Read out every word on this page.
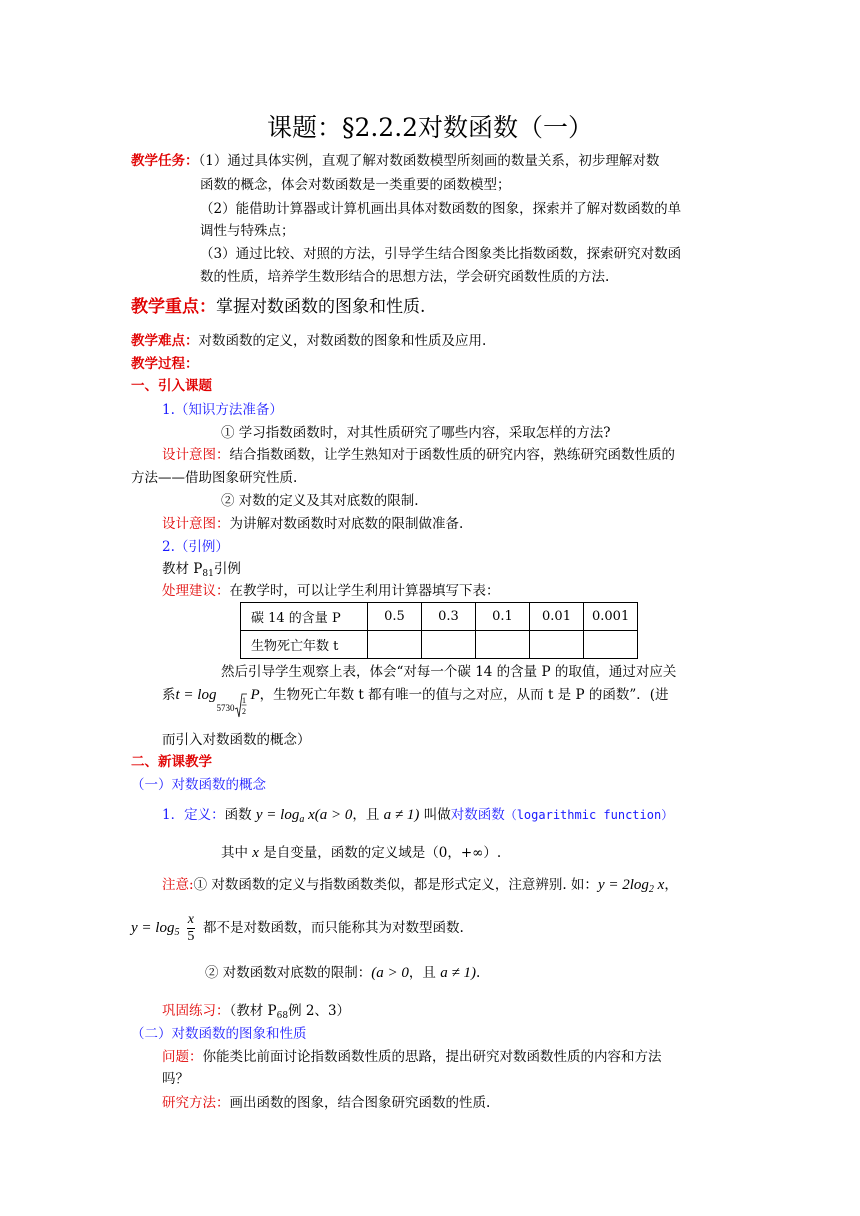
课题：§2.2.2对数函数（一）
教学任务：（1）通过具体实例，直观了解对数函数模型所刻画的数量关系，初步理解对数
函数的概念，体会对数函数是一类重要的函数模型；
（2）能借助计算器或计算机画出具体对数函数的图象，探索并了解对数函数的单
调性与特殊点；
（3）通过比较、对照的方法，引导学生结合图象类比指数函数，探索研究对数函
数的性质，培养学生数形结合的思想方法，学会研究函数性质的方法.
教学重点：掌握对数函数的图象和性质.
教学难点：对数函数的定义，对数函数的图象和性质及应用.
教学过程：
一、引入课题
1.（知识方法准备）
① 学习指数函数时，对其性质研究了哪些内容，采取怎样的方法?
设计意图：结合指数函数，让学生熟知对于函数性质的研究内容，熟练研究函数性质的
方法——借助图象研究性质.
② 对数的定义及其对底数的限制.
设计意图：为讲解对数函数时对底数的限制做准备.
2.（引例）
教材 $P_{81}$引例
处理建议：在教学时，可以让学生利用计算器填写下表：
碳 14 的含量 P	0.5	0.3	0.1	0.01	0.001
生物死亡年数 t					
然后引导学生观察上表，体会“对每一个碳 14 的含量 P 的取值，通过对应关
系t = log5730
1
2
P，生物死亡年数 t 都有唯一的值与之对应，从而 t 是 P 的函数”．(进
而引入对数函数的概念）
二、新课教学
（一）对数函数的概念
1．定义：函数 $y = \log_a x(a > 0$，且 a ≠ 1) 叫做对数函数（logarithmic function）
其中 x 是自变量，函数的定义域是（0，+∞）.
注意:① 对数函数的定义与指数函数类似，都是形式定义，注意辨别. 如：$y = 2\log_2$ x，
$y = \log_5 \frac{x}{5}$ 都不是对数函数，而只能称其为对数型函数.
② 对数函数对底数的限制：(a > 0，且 a ≠ 1).
巩固练习：（教材 $P_{68}$例 2、3）
（二）对数函数的图象和性质
问题：你能类比前面讨论指数函数性质的思路，提出研究对数函数性质的内容和方法
吗？
研究方法：画出函数的图象，结合图象研究函数的性质.
